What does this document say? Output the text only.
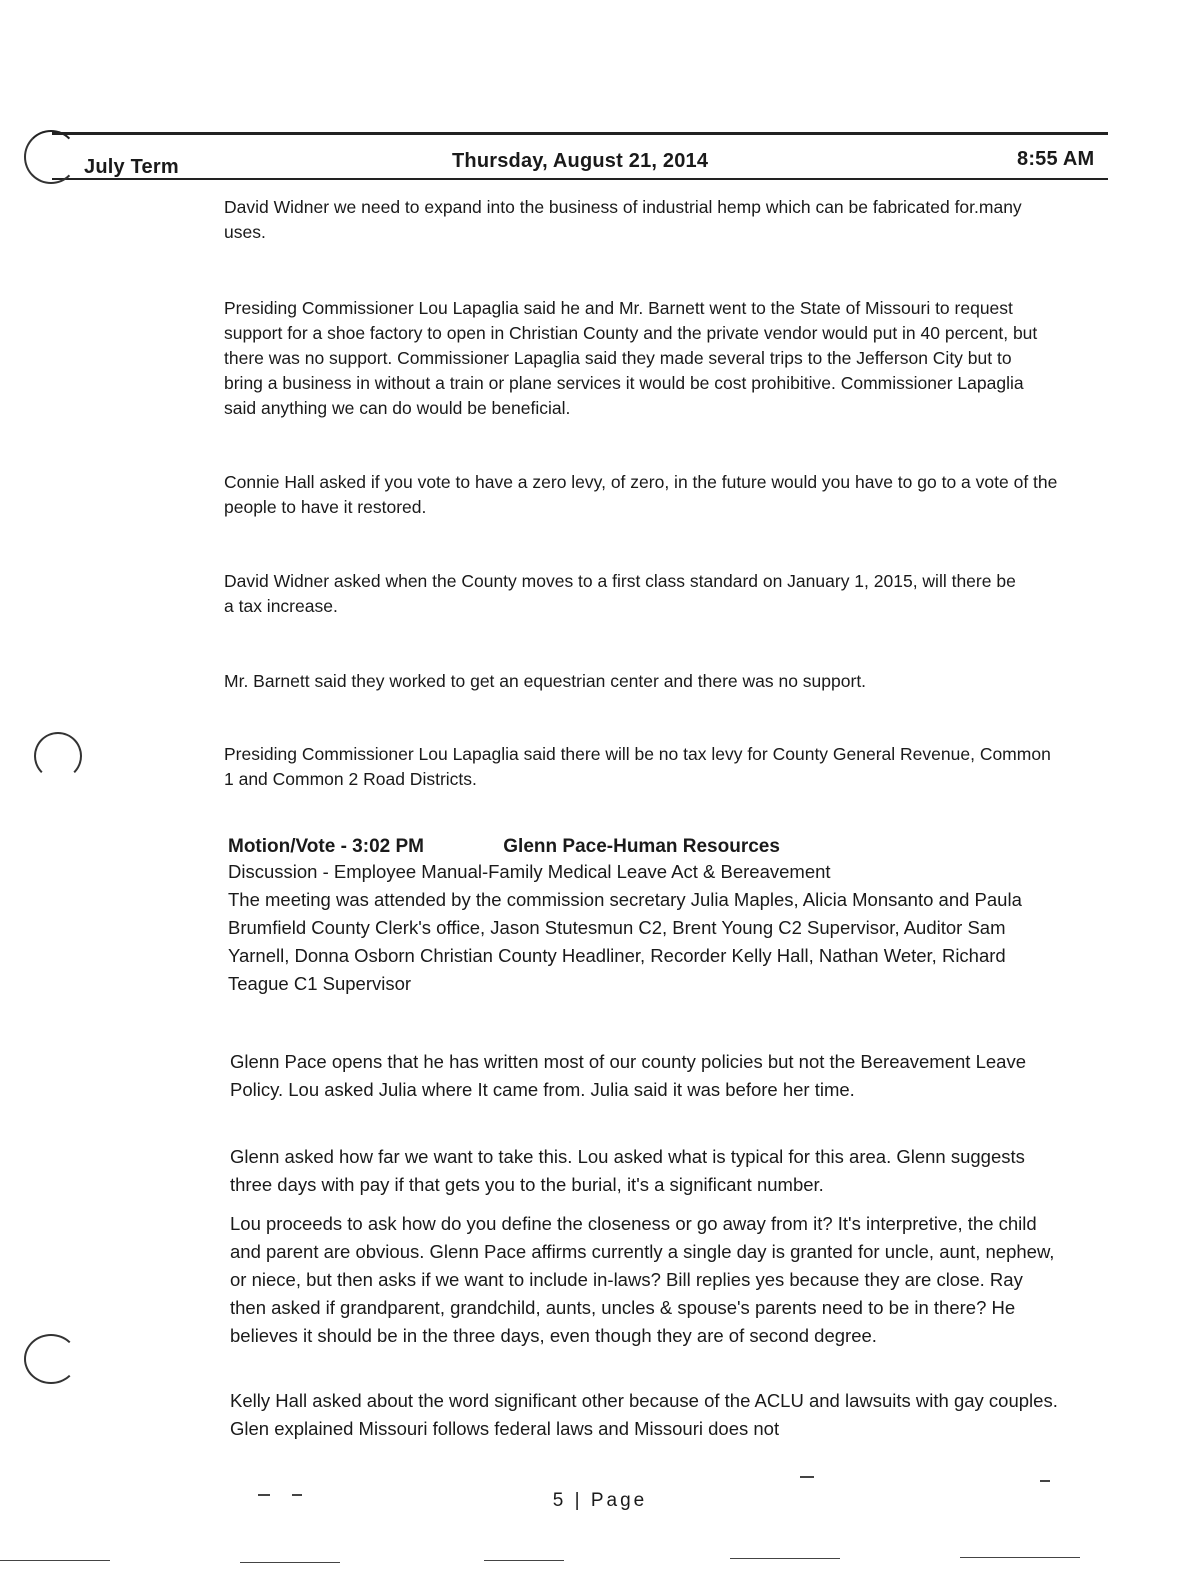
July Term	Thursday, August 21, 2014	8:55 AM
David Widner we need to expand into the business of industrial hemp which can be fabricated for.many uses.
Presiding Commissioner Lou Lapaglia said he and Mr. Barnett went to the State of Missouri to request support for a shoe factory to open in Christian County and the private vendor would put in 40 percent, but there was no support. Commissioner Lapaglia said they made several trips to the Jefferson City but to bring a business in without a train or plane services it would be cost prohibitive. Commissioner Lapaglia said anything we can do would be beneficial.
Connie Hall asked if you vote to have a zero levy, of zero, in the future would you have to go to a vote of the people to have it restored.
David Widner asked when the County moves to a first class standard on January 1, 2015, will there be a tax increase.
Mr. Barnett said they worked to get an equestrian center and there was no support.
Presiding Commissioner Lou Lapaglia said there will be no tax levy for County General Revenue, Common 1 and Common 2 Road Districts.
Motion/Vote - 3:02 PM	Glenn Pace-Human Resources
Discussion - Employee Manual-Family Medical Leave Act & Bereavement
The meeting was attended by the commission secretary Julia Maples, Alicia Monsanto and Paula Brumfield County Clerk's office, Jason Stutesmun C2, Brent Young C2 Supervisor, Auditor Sam Yarnell, Donna Osborn Christian County Headliner, Recorder Kelly Hall, Nathan Weter, Richard Teague C1 Supervisor
Glenn Pace opens that he has written most of our county policies but not the Bereavement Leave Policy. Lou asked Julia where It came from. Julia said it was before her time.
Glenn asked how far we want to take this. Lou asked what is typical for this area. Glenn suggests three days with pay if that gets you to the burial, it's a significant number.
Lou proceeds to ask how do you define the closeness or go away from it? It's interpretive, the child and parent are obvious. Glenn Pace affirms currently a single day is granted for uncle, aunt, nephew, or niece, but then asks if we want to include in-laws? Bill replies yes because they are close. Ray then asked if grandparent, grandchild, aunts, uncles & spouse's parents need to be in there? He believes it should be in the three days, even though they are of second degree.
Kelly Hall asked about the word significant other because of the ACLU and lawsuits with gay couples. Glen explained Missouri follows federal laws and Missouri does not
5 | Page
